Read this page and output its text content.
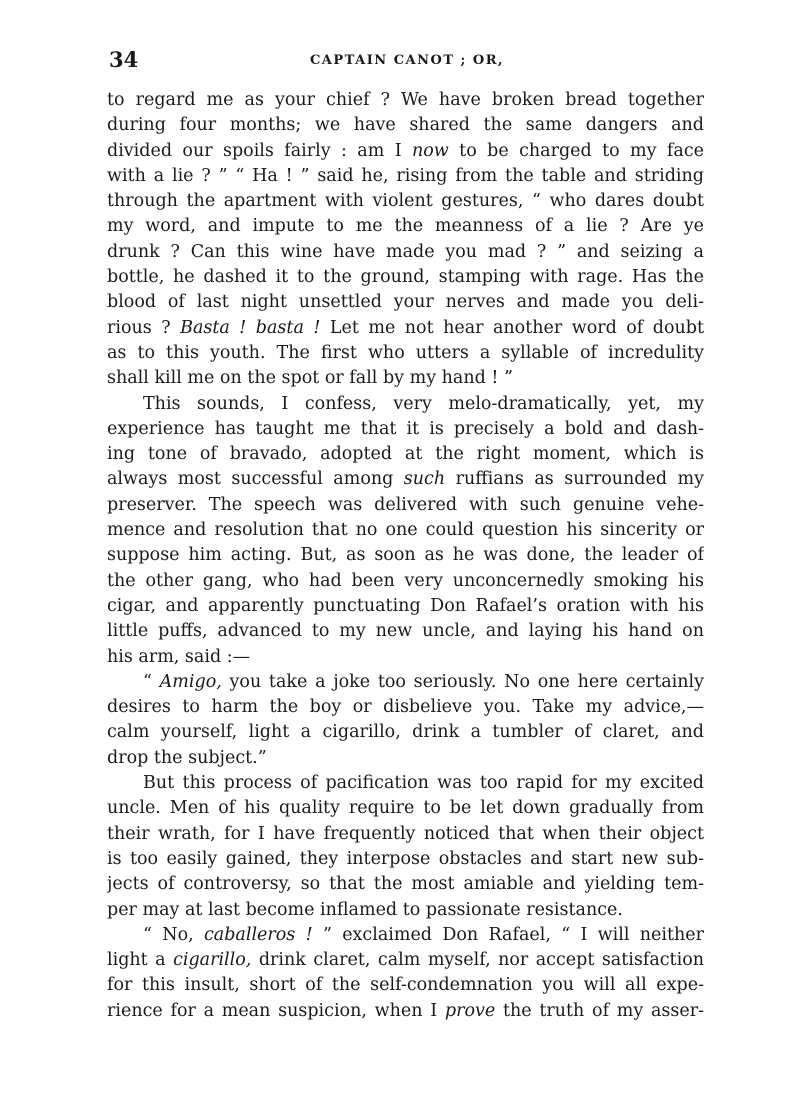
34	CAPTAIN CANOT ; OR,
to regard me as your chief ? We have broken bread together
during four months; we have shared the same dangers and
divided our spoils fairly : am I now to be charged to my face
with a lie ? ” “ Ha ! ” said he, rising from the table and striding
through the apartment with violent gestures, “ who dares doubt
my word, and impute to me the meanness of a lie ? Are ye
drunk ? Can this wine have made you mad ? ” and seizing a
bottle, he dashed it to the ground, stamping with rage. Has the
blood of last night unsettled your nerves and made you deli-
rious ? Basta ! basta ! Let me not hear another word of doubt
as to this youth. The first who utters a syllable of incredulity
shall kill me on the spot or fall by my hand ! ”
This sounds, I confess, very melo-dramatically, yet, my
experience has taught me that it is precisely a bold and dash-
ing tone of bravado, adopted at the right moment, which is
always most successful among such ruffians as surrounded my
preserver. The speech was delivered with such genuine vehe-
mence and resolution that no one could question his sincerity or
suppose him acting. But, as soon as he was done, the leader of
the other gang, who had been very unconcernedly smoking his
cigar, and apparently punctuating Don Rafael’s oration with his
little puffs, advanced to my new uncle, and laying his hand on
his arm, said :—
“ Amigo, you take a joke too seriously. No one here certainly
desires to harm the boy or disbelieve you. Take my advice,—
calm yourself, light a cigarillo, drink a tumbler of claret, and
drop the subject.”
But this process of pacification was too rapid for my excited
uncle. Men of his quality require to be let down gradually from
their wrath, for I have frequently noticed that when their object
is too easily gained, they interpose obstacles and start new sub-
jects of controversy, so that the most amiable and yielding tem-
per may at last become inflamed to passionate resistance.
“ No, caballeros ! ” exclaimed Don Rafael, “ I will neither
light a cigarillo, drink claret, calm myself, nor accept satisfaction
for this insult, short of the self-condemnation you will all expe-
rience for a mean suspicion, when I prove the truth of my asser-
